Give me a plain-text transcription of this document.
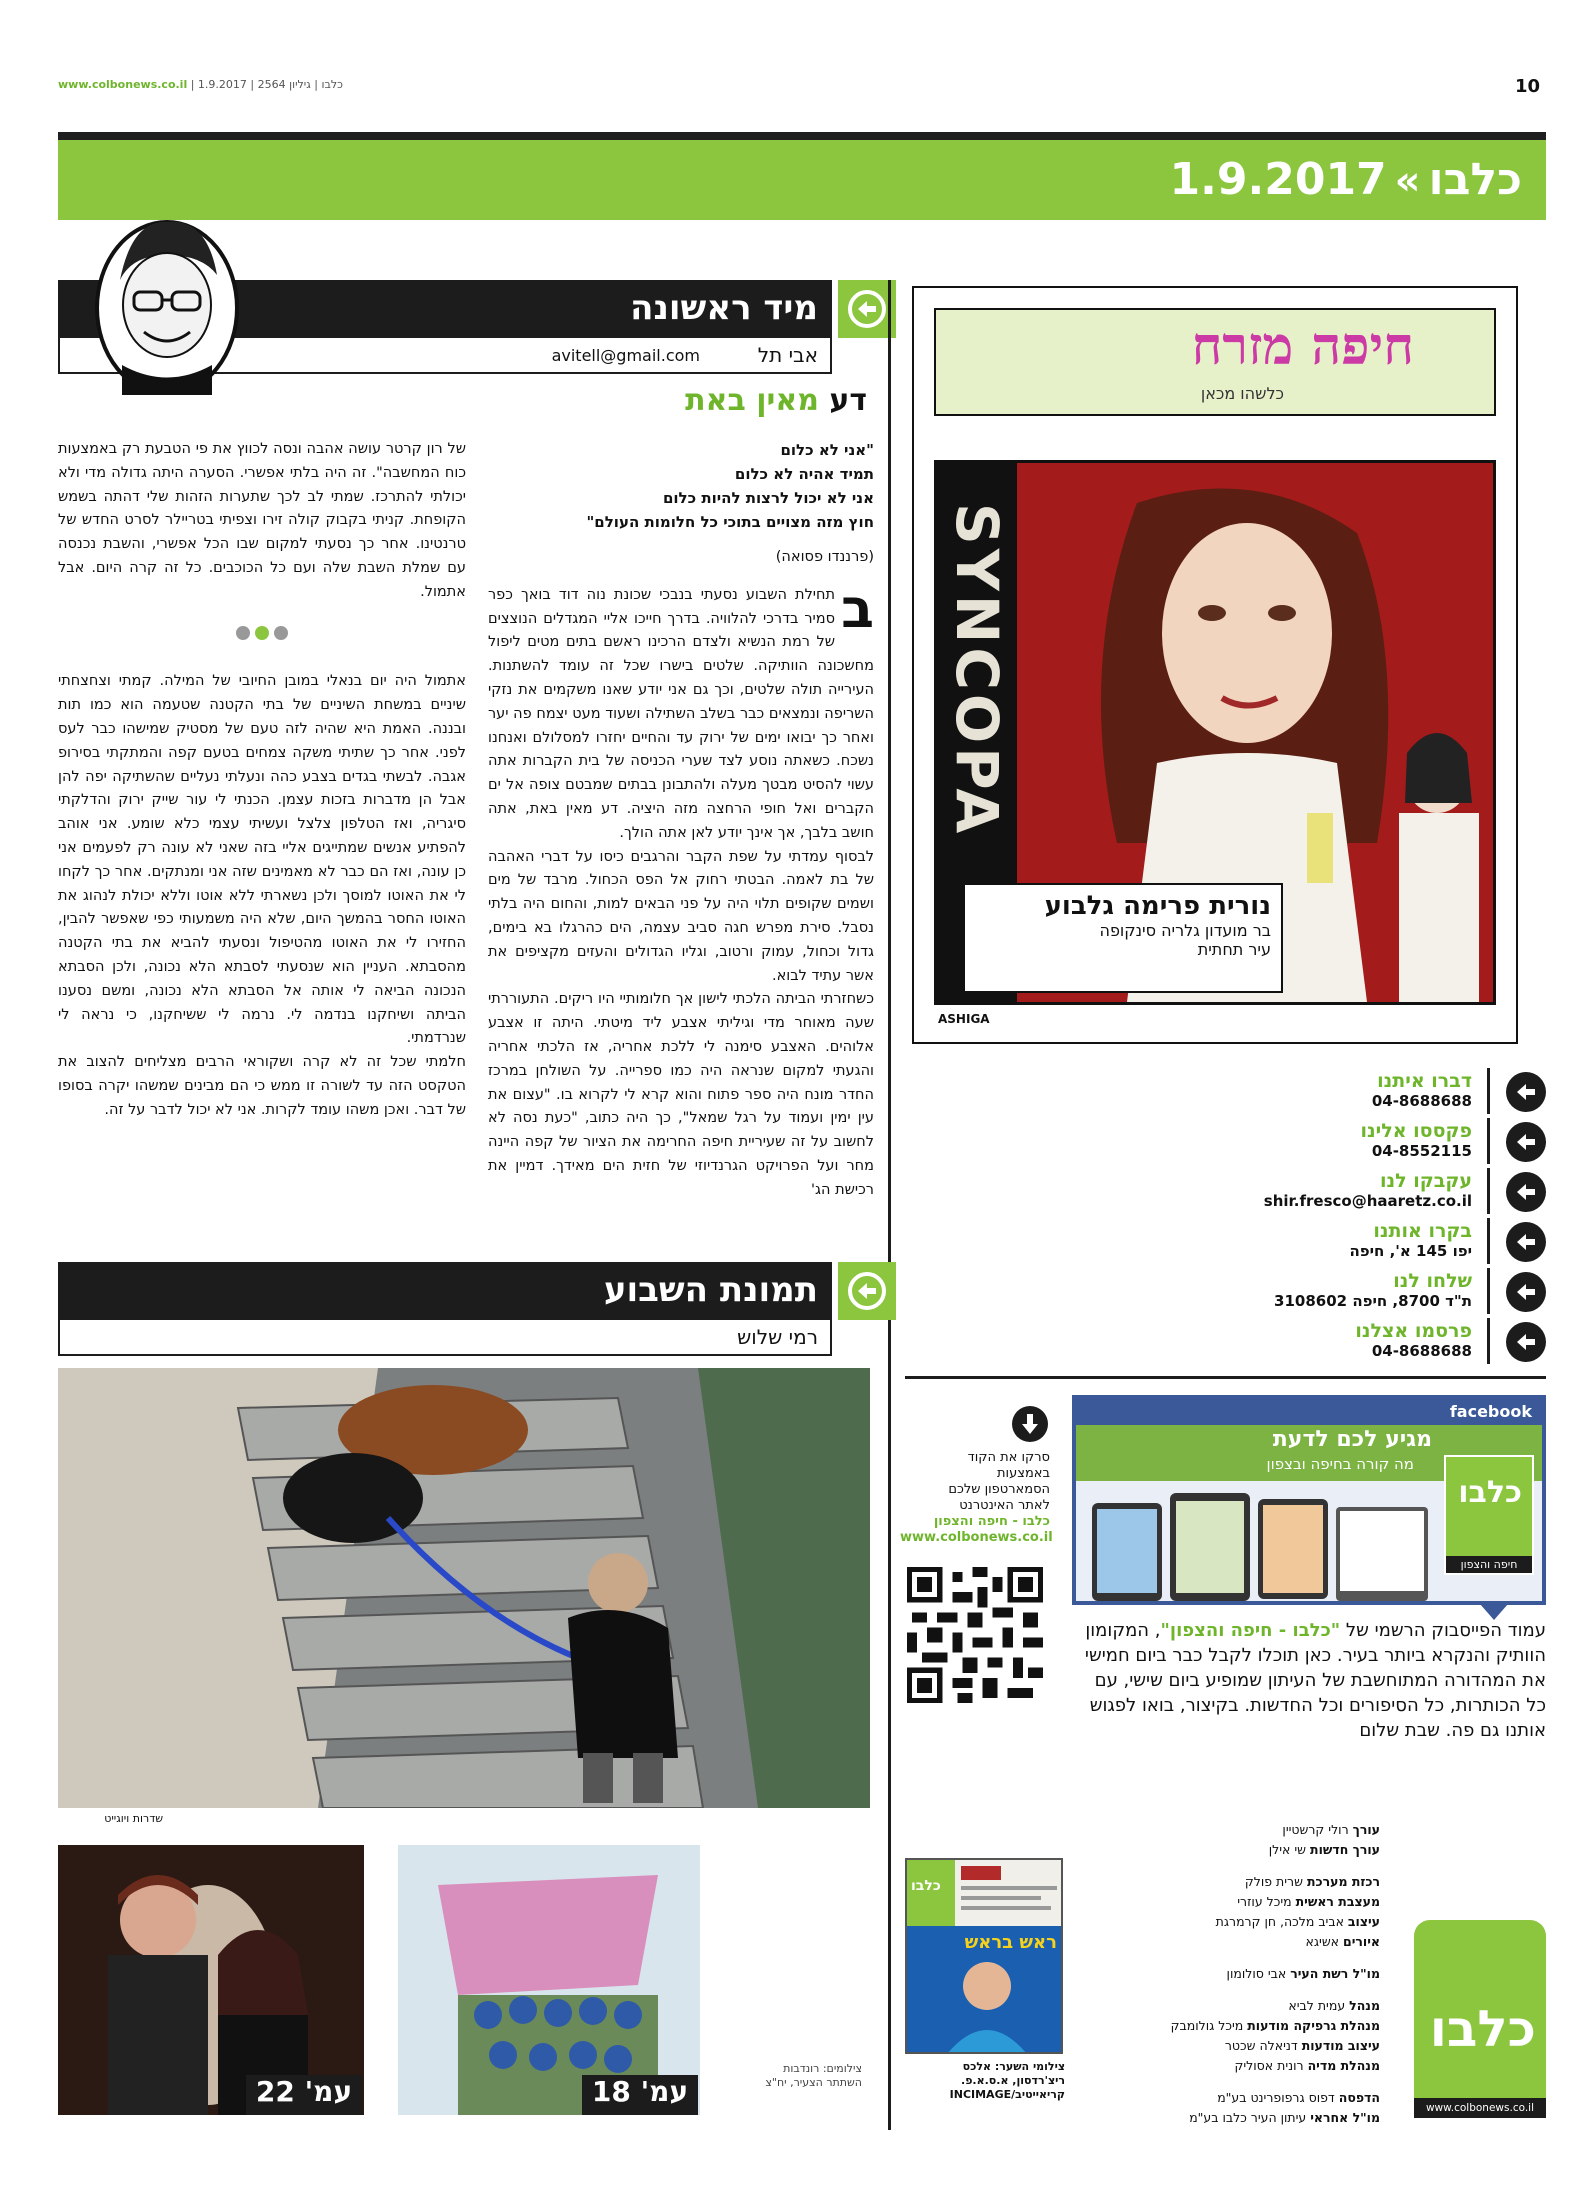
www.colbonews.co.il | כלבו | גיליון 2564 | 1.9.2017	10
1.9.2017 « כלבו
מיד ראשונה
אבי תל
avitell@gmail.com
דע מאין באת
"אני לא כלום
תמיד אהיה לא כלום
אני לא יכול לרצות להיות כלום
חוץ מזה מצויים בתוכי כל חלומות העולם"
(פרננדו פסואה)

ב
תחילת השבוע נסעתי בנבכי שכונת נוה דוד בואך כפר סמיר בדרכי להלוויה. בדרך חייכו אליי המגדלים הנוצצים של רמת הנשיא ולצדם הרכינו ראשם בתים מטים ליפול מחשכונה הוותיקה. שלטים בישרו שכל זה עומד להשתנות. העירייה תולה שלטים, וכך גם אני יודע שאנו משקמים את נזקי השריפה ונמצאים כבר בשלב השתילה ושעוד מעט יצמח פה יער ואחר כך יבואו ימים של ירוק עד והחיים יחזרו למסלולם ואנחנו נשכח. כשאתה נוסע לצד שערי הכניסה של בית הקברות אתה עשוי להסיט מבטך מעלה ולהתבונן בבתים שמבטם צופה אל ים הקברים ואל חופי הרחצה מזה היציה. דע מאין באת, אתה חושב בלבך, אך אינך יודע לאן אתה הולך.

לבסוף עמדתי על שפת הקבר והרגבים כיסו על דברי האהבה של בת לאמה. הבטתי רחוק אל הפס הכחול. מרבד של מים ושמים שקופים תלוי היה על פני הבאים למות, והחום היה בלתי נסבל. סירת מפרש חגה סביב עצמה, הים כהרגלו בא בימים, גדול וכחול, עמוק ורטוב, וגליו הגדולים והעזים מקציפים את אשר עתיד לבוא.

כשחזרתי הביתה הלכתי לישון אך חלומותיי היו ריקים. התעוררתי שעה מאוחר מדי וגיליתי אצבע ליד מיטתי. היתה זו אצבע אלוהים. האצבע סימנה לי ללכת אחריה, אז הלכתי אחריה והגעתי למקום שנראה היה כמו ספרייה. על השולחן במרכז החדר מונח היה ספר פתוח והוא קרא לי לקרוא בו. "עצום את עין ימין ועמוד על רגל שמאל", כך היה כתוב, "כעת נסה לא לחשוב על זה שעיריית חיפה החרימה את הציור של קפה היינה מחר ועל הפרויקט הגרנדיוזי של חזית הים מאידך. דמיין את רכישת הג'

של רון קרטר עושה אהבה ונסה לכווץ את פי הטבעת רק באמצעות כוח המחשבה". זה היה בלתי אפשרי. הסערה היתה גדולה מדי ולא יכולתי להתרכז. שמתי לב לכך שתערות הזהות שלי דהתה בשמש הקופחת. קניתי בקבוק קולה זירו וצפיתי בטריילר לסרט החדש של טרנטינו. אחר כך נסעתי למקום שבו הכל אפשרי, והשבת נכנסה עם שמלת השבת שלה ועם כל הכוכבים. כל זה קרה היום. אבל אתמול.

אתמול היה יום בנאלי במובן החיובי של המילה. קמתי וצחצחתי שיניים במשחת השיניים של בתי הקטנה שטעמה הוא כמו תות ובננה. האמת היא שהיה לזה טעם של מסטיק שמישהו כבר לעס לפני. אחר כך שתיתי משקה צמחים בטעם קפה והמתקתי בסירופ אגבה. לבשתי בגדים בצבע כהה ונעלתי נעליים שהשתיקה יפה להן אבל הן מדברות בזכות עצמן. הכנתי לי עור שייק ירוק והדלקתי סיגריה, ואז הטלפון צלצל ועשיתי עצמי כלא שומע. אני אוהב להפתיע אנשים שמתייגים אליי בזה שאני לא עונה רק לפעמים אני כן עונה, ואז הם כבר לא מאמינים שזה אני ומנתקים. אחר כך לקחו לי את האוטו למוסך ולכן נשארתי ללא אוטו וללא יכולת לנהוג את האוטו החסר בהמשך היום, שלא היה משמעותי כפי שאפשר להבין, החזירו לי את האוטו מהטיפול ונסעתי להביא את בתי הקטנה מהסבתא. העניין הוא שנסעתי לסבתא הלא נכונה, ולכן הסבתא הנכונה הביאה לי אותה אל הסבתא הלא נכונה, ומשם נסענו הביתה ושיחקנו בנדמה לי. נרמה לי ששיחקנו, כי נראה לי שנרדמתי.

חלמתי שכל זה לא קרה ושקוראי הרבים מצליחים להצוב את הטקסט הזה עד לשורה זו ממש כי הם מבינים שמשהו יקרה בסופו של דבר. ואכן משהו עומד לקרות. אני לא יכול לדבר על זה.

תמונת השבוע
רמי שלוש
שדרות ויוגייט
עמ' 22	עמ' 18
צילומים: רונדבות
השתתר הצעיר, יח"צ
חיפה מזרח
כלשהו מכאן
SYNCOPA
נורית פרימה גלבוע
בר מועדון גלריה סינקופה
עיר תחתית
ASHIGA
דברו איתנו
04-8688688
פקססו אלינו
04-8552115
עקבקו לנו
shir.fresco@haaretz.co.il
בקרו אותנו
יפו 145 א', חיפה
שלחו לנו
ת"ד 8700, חיפה 3108602
פרסמו אצלנו
04-8688688
facebook
מגיע לכם לדעת
מה קורה בחיפה ובצפון
כלבו
חיפה והצפון
עמוד הפייסבוק הרשמי של "כלבו - חיפה והצפון", המקומון הוותיק והנקרא ביותר בעיר. כאן תוכלו לקבל כבר ביום חמישי את המהדורה המתוחשבת של העיתון שמופיע ביום שישי, עם כל הכותרות, כל הסיפורים וכל החדשות. בקיצור, בואו לפגוש אותנו גם פה. שבת שלום
סרקו את הקוד
באמצעות
הסמארטפון שלכם
לאתר האינטרנט
כלבו - חיפה והצפון
www.colbonews.co.il
כלבו
ראש בראש
צילומי השער: אלכס
ריצ'רדסון, א.ס.א.פ.
קריאייטיב/INCIMAGE
עורך רולי קרשטיין
עורך חדשות שי אילן
רכזת מערכת שרית פולק
מעצבת ראשית מיכל עוזרי
עיצוב אביב מלכה, חן קרמרגת
איורים אשיגא
מו"ל רשת העיר אבי סולומון
מנהל עמית לביא
מנהלת גרפיקה מודעות מיכל גולומבק
עיצוב מודעות דניאלה שכטר
מנהלת מדיה רונית אסוליק
הדפסה דפוס גרפופרינט בע"מ
מו"ל אחראי עיתון העיר כלבו בע"מ
כלבו
www.colbonews.co.il
